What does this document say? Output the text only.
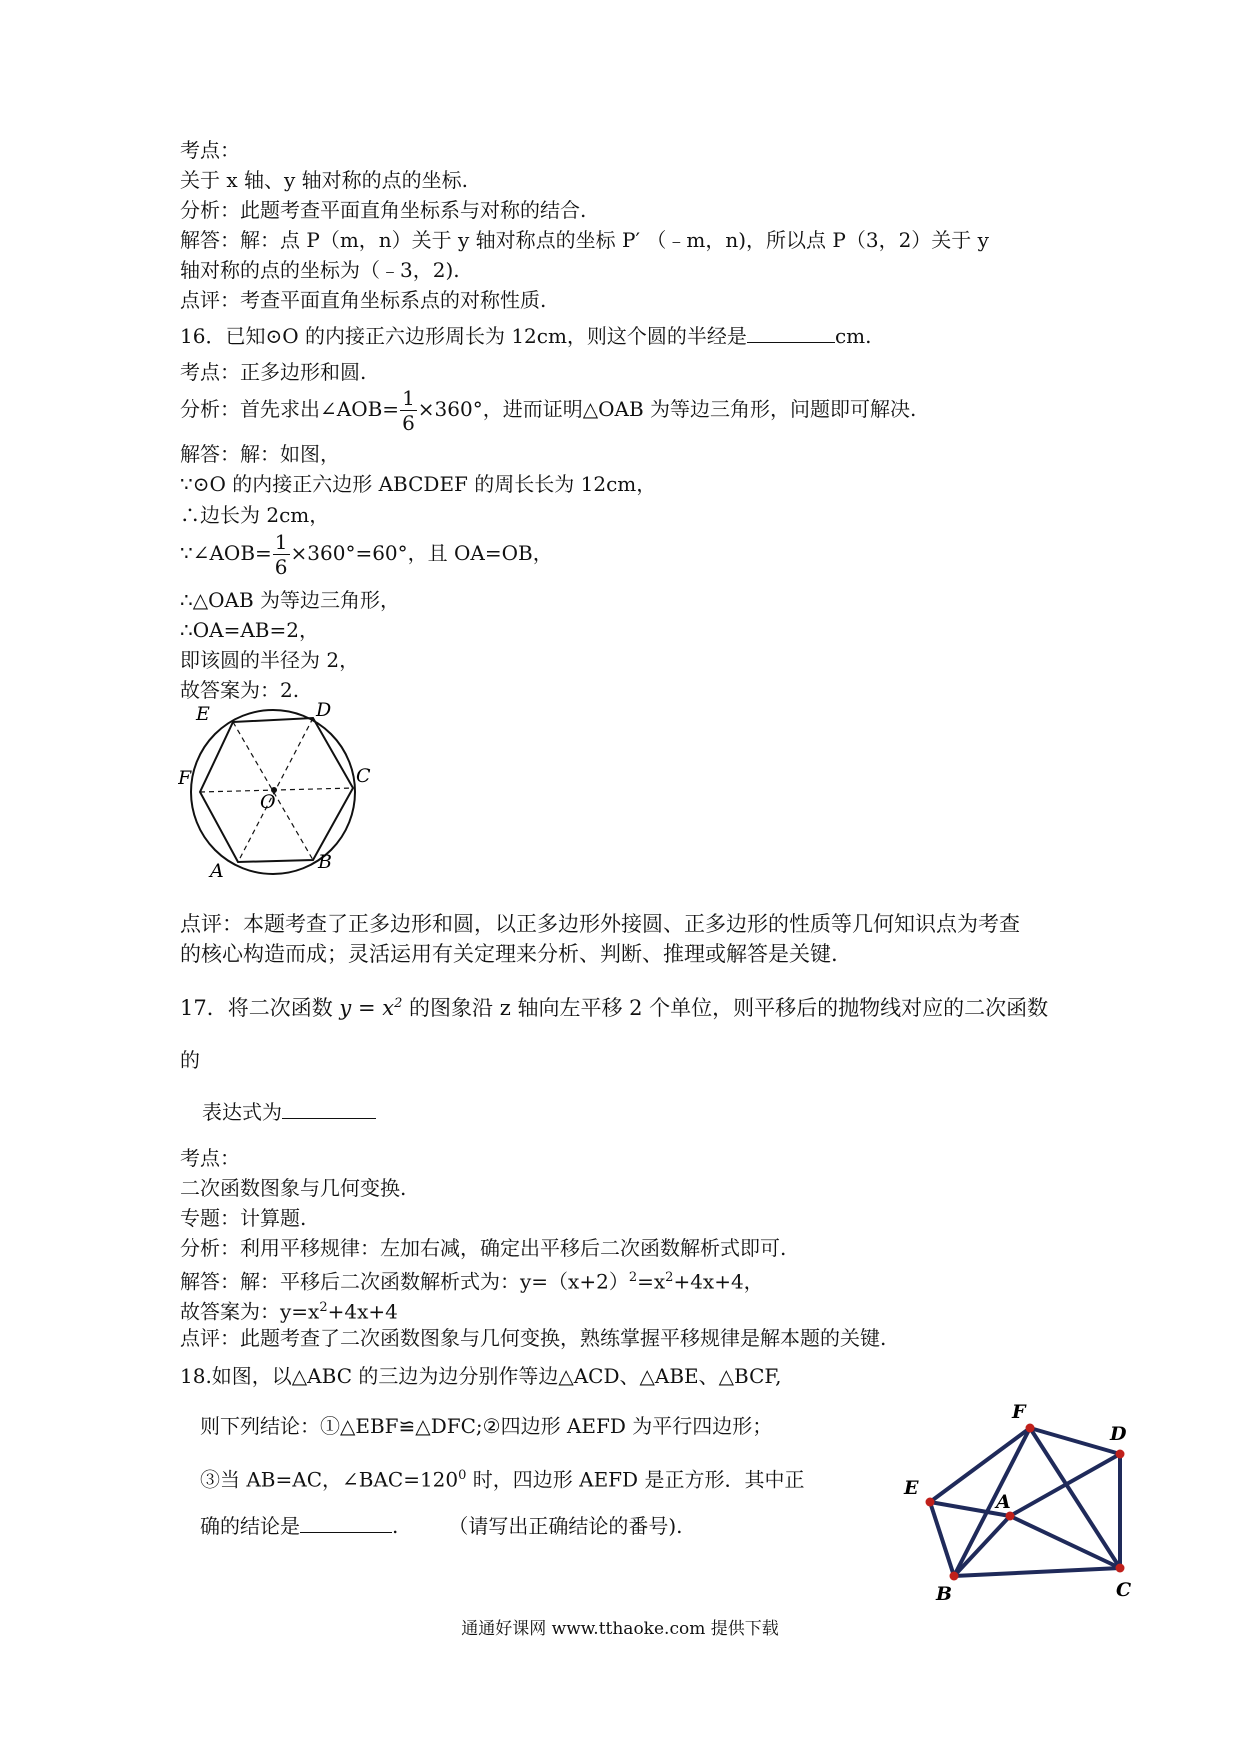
考点：
关于 x 轴、y 轴对称的点的坐标.
分析：此题考查平面直角坐标系与对称的结合.
解答：解：点 P（m，n）关于 y 轴对称点的坐标 P′ （﹣m，n)，所以点 P（3，2）关于 y
轴对称的点的坐标为（﹣3，2).
点评：考查平面直角坐标系点的对称性质.
16．已知⊙O 的内接正六边形周长为 12cm，则这个圆的半经是	cm.
考点：正多边形和圆.
分析：首先求出∠AOB= $\frac{1}{6} \times 360^\circ$，进而证明△OAB 为等边三角形，问题即可解决.
解答：解：如图，
∵⊙O 的内接正六边形 ABCDEF 的周长长为 12cm，
∴边长为 2cm，
∵∠AOB= $\frac{1}{6} \times 360^\circ=60^\circ$，且 OA=OB，
∴△OAB 为等边三角形，
∴OA=AB=2，
即该圆的半径为 2，
故答案为：2.
E	D
F	C
O
A	B
点评：本题考查了正多边形和圆，以正多边形外接圆、正多边形的性质等几何知识点为考查
的核心构造而成；灵活运用有关定理来分析、判断、推理或解答是关键.
17．将二次函数 $y = x^2$ 的图象沿 z 轴向左平移 2 个单位，则平移后的抛物线对应的二次函数
的
表达式为
考点：
二次函数图象与几何变换.
专题：计算题.
分析：利用平移规律：左加右减，确定出平移后二次函数解析式即可.
解答：解：平移后二次函数解析式为：$y=(x+2)^2=x^2+4x+4$，
故答案为：$y=x^2+4x+4$
点评：此题考查了二次函数图象与几何变换，熟练掌握平移规律是解本题的关键.
18.如图，以△ABC 的三边为边分别作等边△ACD、△ABE、△BCF,
则下列结论：①△EBF≌△DFC;②四边形 AEFD 为平行四边形；
③当 AB=AC，$\angle BAC=120^0$ 时，四边形 AEFD 是正方形．其中正
确的结论是	.	（请写出正确结论的番号).
F
D
E
A
B	C
通通好课网 www.tthaoke.com 提供下载
